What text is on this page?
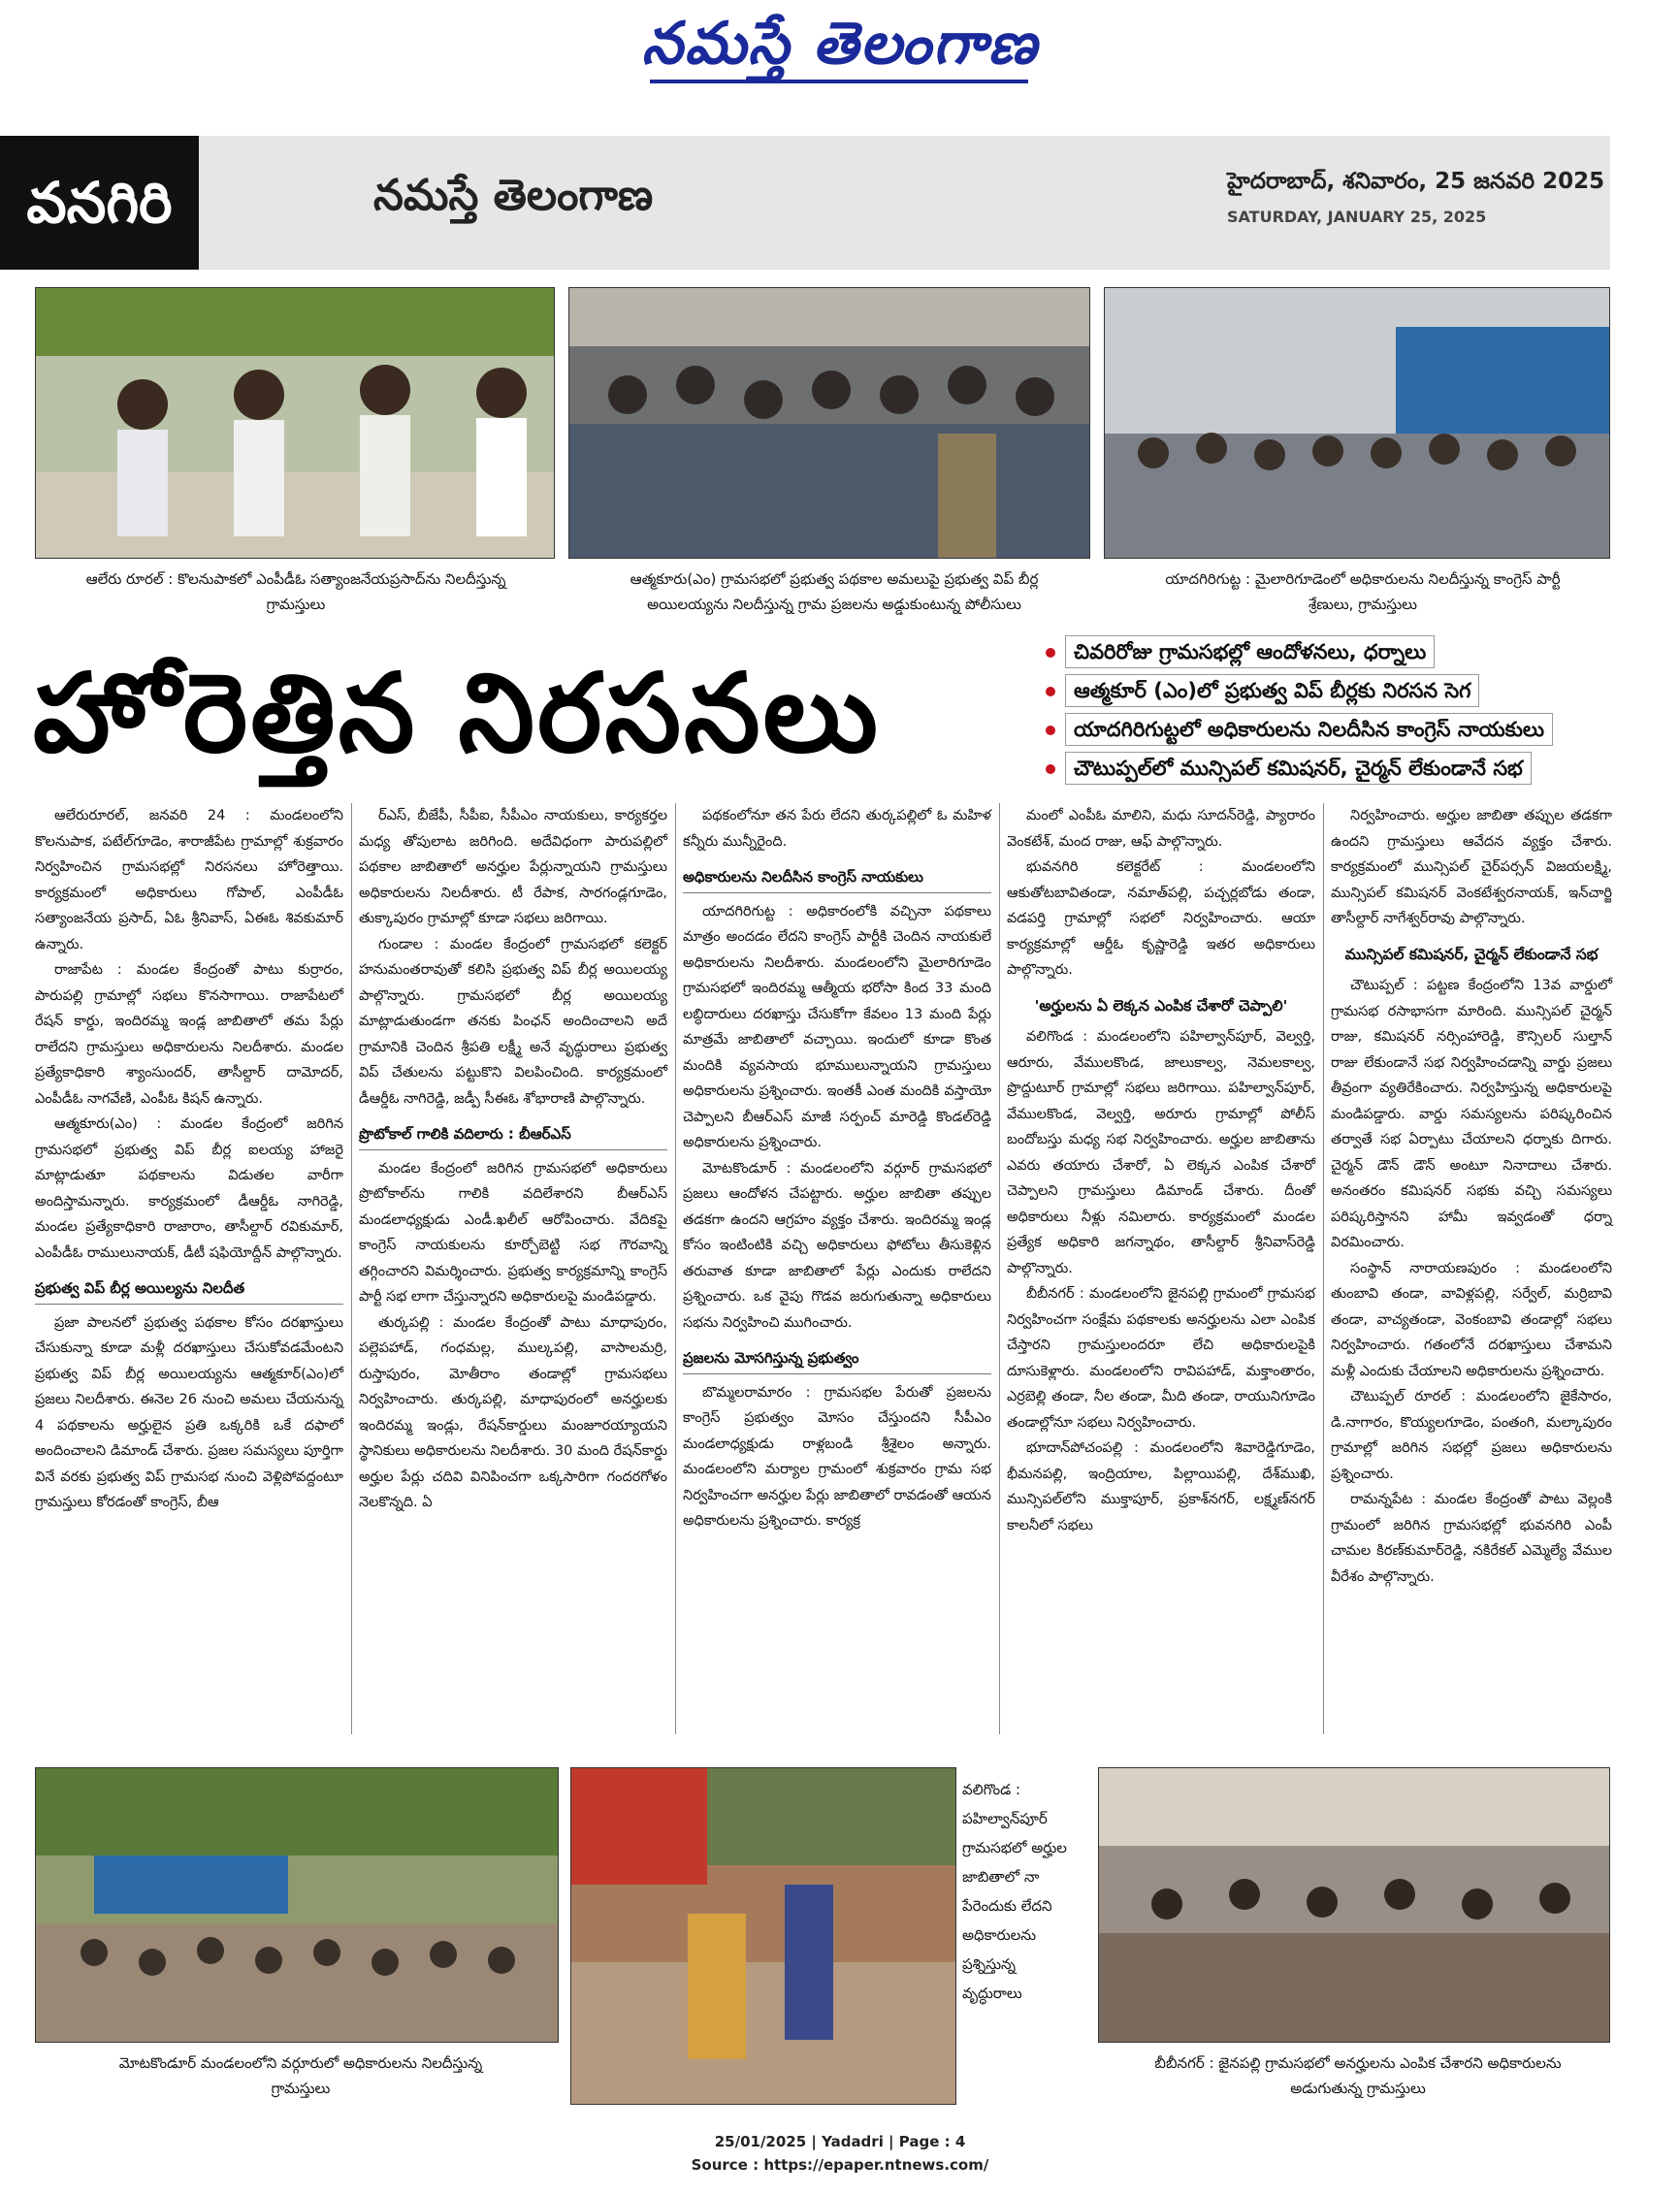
నమస్తే తెలంగాణ
వనగిరి	నమస్తే తెలంగాణ	హైదరాబాద్, శనివారం, 25 జనవరి 2025
SATURDAY, JANUARY 25, 2025
ఆలేరు రూరల్ : కొలనుపాకలో ఎంపీడీఓ సత్యాంజనేయప్రసాద్‌ను నిలదీస్తున్న గ్రామస్తులు
ఆత్మకూరు(ఎం) గ్రామసభలో ప్రభుత్వ పథకాల అమలుపై ప్రభుత్వ విప్ బీర్ల అయిలయ్యను నిలదీస్తున్న గ్రామ ప్రజలను అడ్డుకుంటున్న పోలీసులు
యాదగిరిగుట్ట : మైలారిగూడెంలో అధికారులను నిలదీస్తున్న కాంగ్రెస్ పార్టీ శ్రేణులు, గ్రామస్తులు
హోరెత్తిన నిరసనలు	చివరిరోజు గ్రామసభల్లో ఆందోళనలు, ధర్నాలు
ఆత్మకూర్ (ఎం)లో ప్రభుత్వ విప్ బీర్లకు నిరసన సెగ
యాదగిరిగుట్టలో అధికారులను నిలదీసిన కాంగ్రెస్ నాయకులు
చౌటుప్పల్‌లో మున్సిపల్ కమిషనర్, చైర్మన్ లేకుండానే సభ

ఆలేరురూరల్, జనవరి 24 : మండలంలోని కొలనుపాక, పటేల్‌గూడెం, శారాజీపేట గ్రామాల్లో శుక్రవారం నిర్వహించిన గ్రామసభల్లో నిరసనలు హోరెత్తాయి. కార్యక్రమంలో అధికారులు గోపాల్, ఎంపీడీఓ సత్యాంజనేయ ప్రసాద్, ఏఓ శ్రీనివాస్, ఏఈఓ శివకుమార్ ఉన్నారు.

రాజాపేట : మండల కేంద్రంతో పాటు కుర్రారం, పారుపల్లి గ్రామాల్లో సభలు కొనసాగాయి. రాజాపేటలో రేషన్ కార్డు, ఇందిరమ్మ ఇండ్ల జాబితాలో తమ పేర్లు రాలేదని గ్రామస్తులు అధికారులను నిలదీశారు. మండల ప్రత్యేకాధికారి శ్యాంసుందర్, తాసీల్దార్ దామోదర్, ఎంపీడీఓ నాగవేణి, ఎంపీఓ కిషన్ ఉన్నారు.

ఆత్మకూరు(ఎం) : మండల కేంద్రంలో జరిగిన గ్రామసభలో ప్రభుత్వ విప్ బీర్ల ఐలయ్య హాజరై మాట్లాడుతూ పథకాలను విడుతల వారీగా అందిస్తామన్నారు. కార్యక్రమంలో డీఆర్డీఓ నాగిరెడ్డి, మండల ప్రత్యేకాధికారి రాజారాం, తాసీల్దార్ రవికుమార్, ఎంపీడీఓ రాములునాయక్, డీటీ షఫియోద్దీన్ పాల్గొన్నారు.

ప్రభుత్వ విప్ బీర్ల అయిల్యను నిలదీత

ప్రజా పాలనలో ప్రభుత్వ పథకాల కోసం దరఖాస్తులు చేసుకున్నా కూడా మళ్లీ దరఖాస్తులు చేసుకోవడమేంటని ప్రభుత్వ విప్ బీర్ల అయిలయ్యను ఆత్మకూర్(ఎం)లో ప్రజలు నిలదీశారు. ఈనెల 26 నుంచి అమలు చేయనున్న 4 పథకాలను అర్హులైన ప్రతి ఒక్కరికి ఒకే దఫాలో అందించాలని డిమాండ్ చేశారు. ప్రజల సమస్యలు పూర్తిగా వినే వరకు ప్రభుత్వ విప్ గ్రామసభ నుంచి వెళ్లిపోవద్దంటూ గ్రామస్తులు కోరడంతో కాంగ్రెస్, బీఆ

ర్‌ఎస్, బీజేపీ, సీపీఐ, సీపీఎం నాయకులు, కార్యకర్తల మధ్య తోపులాట జరిగింది. అదేవిధంగా పారుపల్లిలో పథకాల జాబితాలో అనర్హుల పేర్లున్నాయని గ్రామస్తులు అధికారులను నిలదీశారు. టీ రేపాక, సారగండ్లగూడెం, తుక్కాపురం గ్రామాల్లో కూడా సభలు జరిగాయి.

గుండాల : మండల కేంద్రంలో గ్రామసభలో కలెక్టర్ హనుమంతరావుతో కలిసి ప్రభుత్వ విప్ బీర్ల అయిలయ్య పాల్గొన్నారు. గ్రామసభలో బీర్ల అయిలయ్య మాట్లాడుతుండగా తనకు పింఛన్ అందించాలని అదే గ్రామానికి చెందిన శ్రీపతి లక్ష్మీ అనే వృద్ధురాలు ప్రభుత్వ విప్ చేతులను పట్టుకొని విలపించింది. కార్యక్రమంలో డీఆర్డీఓ నాగిరెడ్డి, జడ్పీ సీఈఓ శోభారాణి పాల్గొన్నారు.

ప్రొటోకాల్ గాలికి వదిలారు : బీఆర్‌ఎస్

మండల కేంద్రంలో జరిగిన గ్రామసభలో అధికారులు ప్రొటోకాల్‌ను గాలికి వదిలేశారని బీఆర్‌ఎస్ మండలాధ్యక్షుడు ఎండీ.ఖలీల్ ఆరోపించారు. వేదికపై కాంగ్రెస్ నాయకులను కూర్చోబెట్టి సభ గౌరవాన్ని తగ్గించారని విమర్శించారు. ప్రభుత్వ కార్యక్రమాన్ని కాంగ్రెస్ పార్టీ సభ లాగా చేస్తున్నారని అధికారులపై మండిపడ్డారు.

తుర్కపల్లి : మండల కేంద్రంతో పాటు మాధాపురం, పల్లెపహాడ్, గంధమల్ల, ముల్కపల్లి, వాసాలమర్రి, రుస్తాపురం, మోతీరాం తండాల్లో గ్రామసభలు నిర్వహించారు. తుర్కపల్లి, మాధాపురంలో అనర్హులకు ఇందిరమ్మ ఇండ్లు, రేషన్‌కార్డులు మంజూరయ్యాయని స్థానికులు అధికారులను నిలదీశారు. 30 మంది రేషన్‌కార్డు అర్హుల పేర్లు చదివి వినిపించగా ఒక్కసారిగా గందరగోళం నెలకొన్నది. ఏ

పథకంలోనూ తన పేరు లేదని తుర్కపల్లిలో ఓ మహిళ కన్నీరు మున్నీరైంది.

అధికారులను నిలదీసిన కాంగ్రెస్ నాయకులు

యాదగిరిగుట్ట : అధికారంలోకి వచ్చినా పథకాలు మాత్రం అందడం లేదని కాంగ్రెస్ పార్టీకి చెందిన నాయకులే అధికారులను నిలదీశారు. మండలంలోని మైలారిగూడెం గ్రామసభలో ఇందిరమ్మ ఆత్మీయ భరోసా కింద 33 మంది లబ్ధిదారులు దరఖాస్తు చేసుకోగా కేవలం 13 మంది పేర్లు మాత్రమే జాబితాలో వచ్చాయి. ఇందులో కూడా కొంత మందికి వ్యవసాయ భూములున్నాయని గ్రామస్తులు అధికారులను ప్రశ్నించారు. ఇంతకీ ఎంత మందికి వస్తాయో చెప్పాలని బీఆర్‌ఎస్ మాజీ సర్పంచ్ మారెడ్డి కొండల్‌రెడ్డి అధికారులను ప్రశ్నించారు.

మోటకొండూర్ : మండలంలోని వర్గూర్ గ్రామసభలో ప్రజలు ఆందోళన చేపట్టారు. అర్హుల జాబితా తప్పుల తడకగా ఉందని ఆగ్రహం వ్యక్తం చేశారు. ఇందిరమ్మ ఇండ్ల కోసం ఇంటింటికి వచ్చి అధికారులు ఫోటోలు తీసుకెళ్లిన తరువాత కూడా జాబితాలో పేర్లు ఎందుకు రాలేదని ప్రశ్నించారు. ఒక వైపు గొడవ జరుగుతున్నా అధికారులు సభను నిర్వహించి ముగించారు.

ప్రజలను మోసగిస్తున్న ప్రభుత్వం

బొమ్మలరామారం : గ్రామసభల పేరుతో ప్రజలను కాంగ్రెస్ ప్రభుత్వం మోసం చేస్తుందని సీపీఎం మండలాధ్యక్షుడు రాళ్లబండి శ్రీశైలం అన్నారు. మండలంలోని మర్యాల గ్రామంలో శుక్రవారం గ్రామ సభ నిర్వహించగా అనర్హుల పేర్లు జాబితాలో రావడంతో ఆయన అధికారులను ప్రశ్నించారు. కార్యక్ర

మంలో ఎంపీఓ మాలిని, మధు సూదన్‌రెడ్డి, ప్యారారం వెంకటేశ్, మంద రాజు, ఆఫ్ పాల్గొన్నారు.

భువనగిరి కలెక్టరేట్ : మండలంలోని ఆకుతోటబావితండా, నమాత్‌పల్లి, పచ్చర్లబోడు తండా, వడపర్తి గ్రామాల్లో సభలో నిర్వహించారు. ఆయా కార్యక్రమాల్లో ఆర్డీఓ కృష్ణారెడ్డి ఇతర అధికారులు పాల్గొన్నారు.

'అర్హులను ఏ లెక్కన ఎంపిక చేశారో చెప్పాలి'

వలిగొండ : మండలంలోని పహిల్వాన్‌పూర్, వెల్వర్తి, ఆరూరు, వేములకొండ, జాలుకాల్వ, నెమలకాల్వ, ప్రొద్దుటూర్ గ్రామాల్లో సభలు జరిగాయి. పహిల్వాన్‌పూర్, వేములకొండ, వెల్వర్తి, అరూరు గ్రామాల్లో పోలీస్ బందోబస్తు మధ్య సభ నిర్వహించారు. అర్హుల జాబితాను ఎవరు తయారు చేశారో, ఏ లెక్కన ఎంపిక చేశారో చెప్పాలని గ్రామస్తులు డిమాండ్ చేశారు. దీంతో అధికారులు నీళ్లు నమిలారు. కార్యక్రమంలో మండల ప్రత్యేక అధికారి జగన్నాథం, తాసీల్దార్ శ్రీనివాస్‌రెడ్డి పాల్గొన్నారు.

బీబీనగర్ : మండలంలోని జైనపల్లి గ్రామంలో గ్రామసభ నిర్వహించగా సంక్షేమ పథకాలకు అనర్హులను ఎలా ఎంపిక చేస్తారని గ్రామస్తులందరూ లేచి అధికారులపైకి దూసుకెళ్లారు. మండలంలోని రావిపహాడ్, మక్తాంతారం, ఎర్రబెల్లి తండా, నీల తండా, మీది తండా, రాయునిగూడెం తండాల్లోనూ సభలు నిర్వహించారు.

భూదాన్‌పోచంపల్లి : మండలంలోని శివారెడ్డిగూడెం, భీమనపల్లి, ఇంద్రియాల, పిల్లాయిపల్లి, దేశ్‌ముఖి, మున్సిపల్‌లోని ముక్తాపూర్, ప్రకాశ్‌నగర్, లక్ష్మణ్‌నగర్ కాలనీలో సభలు

నిర్వహించారు. అర్హుల జాబితా తప్పుల తడకగా ఉందని గ్రామస్తులు ఆవేదన వ్యక్తం చేశారు. కార్యక్రమంలో మున్సిపల్ చైర్‌పర్సన్ విజయలక్ష్మి, మున్సిపల్ కమిషనర్ వెంకటేశ్వరనాయక్, ఇన్‌చార్జి తాసీల్దార్ నాగేశ్వర్‌రావు పాల్గొన్నారు.

మున్సిపల్ కమిషనర్, చైర్మన్ లేకుండానే సభ

చౌటుప్పల్ : పట్టణ కేంద్రంలోని 13వ వార్డులో గ్రామసభ రసాభాసగా మారింది. మున్సిపల్ చైర్మన్ రాజు, కమిషనర్ నర్సింహారెడ్డి, కౌన్సిలర్ సుల్తాన్ రాజు లేకుండానే సభ నిర్వహించడాన్ని వార్డు ప్రజలు తీవ్రంగా వ్యతిరేకించారు. నిర్వహిస్తున్న అధికారులపై మండిపడ్డారు. వార్డు సమస్యలను పరిష్కరించిన తర్వాతే సభ ఏర్పాటు చేయాలని ధర్నాకు దిగారు. చైర్మన్ డౌన్ డౌన్ అంటూ నినాదాలు చేశారు. అనంతరం కమిషనర్ సభకు వచ్చి సమస్యలు పరిష్కరిస్తానని హామీ ఇవ్వడంతో ధర్నా విరమించారు.

సంస్థాన్ నారాయణపురం : మండలంలోని తుంబావి తండా, వావిళ్లపల్లి, సర్వేల్, మర్రిబావి తండా, వాచ్యతండా, వెంకంబావి తండాల్లో సభలు నిర్వహించారు. గతంలోనే దరఖాస్తులు చేశామని మళ్లీ ఎందుకు చేయాలని అధికారులను ప్రశ్నించారు.

చౌటుప్పల్ రూరల్ : మండలంలోని జైకేసారం, డి.నాగారం, కొయ్యలగూడెం, పంతంగి, మల్కాపురం గ్రామాల్లో జరిగిన సభల్లో ప్రజలు అధికారులను ప్రశ్నించారు.

రామన్నపేట : మండల కేంద్రంతో పాటు వెల్లంకి గ్రామంలో జరిగిన గ్రామసభల్లో భువనగిరి ఎంపీ చామల కిరణ్‌కుమార్‌రెడ్డి, నకిరేకల్ ఎమ్మెల్యే వేముల వీరేశం పాల్గొన్నారు.

వలిగొండ : పహిల్వాన్‌పూర్ గ్రామసభలో అర్హుల జాబితాలో నా పేరెందుకు లేదని అధికారులను ప్రశ్నిస్తున్న వృద్ధురాలు
మోటకొండూర్ మండలంలోని వర్గూరులో అధికారులను నిలదీస్తున్న గ్రామస్తులు
బీబీనగర్ : జైనపల్లి గ్రామసభలో అనర్హులను ఎంపిక చేశారని అధికారులను అడుగుతున్న గ్రామస్తులు
25/01/2025 | Yadadri | Page : 4
Source : https://epaper.ntnews.com/
